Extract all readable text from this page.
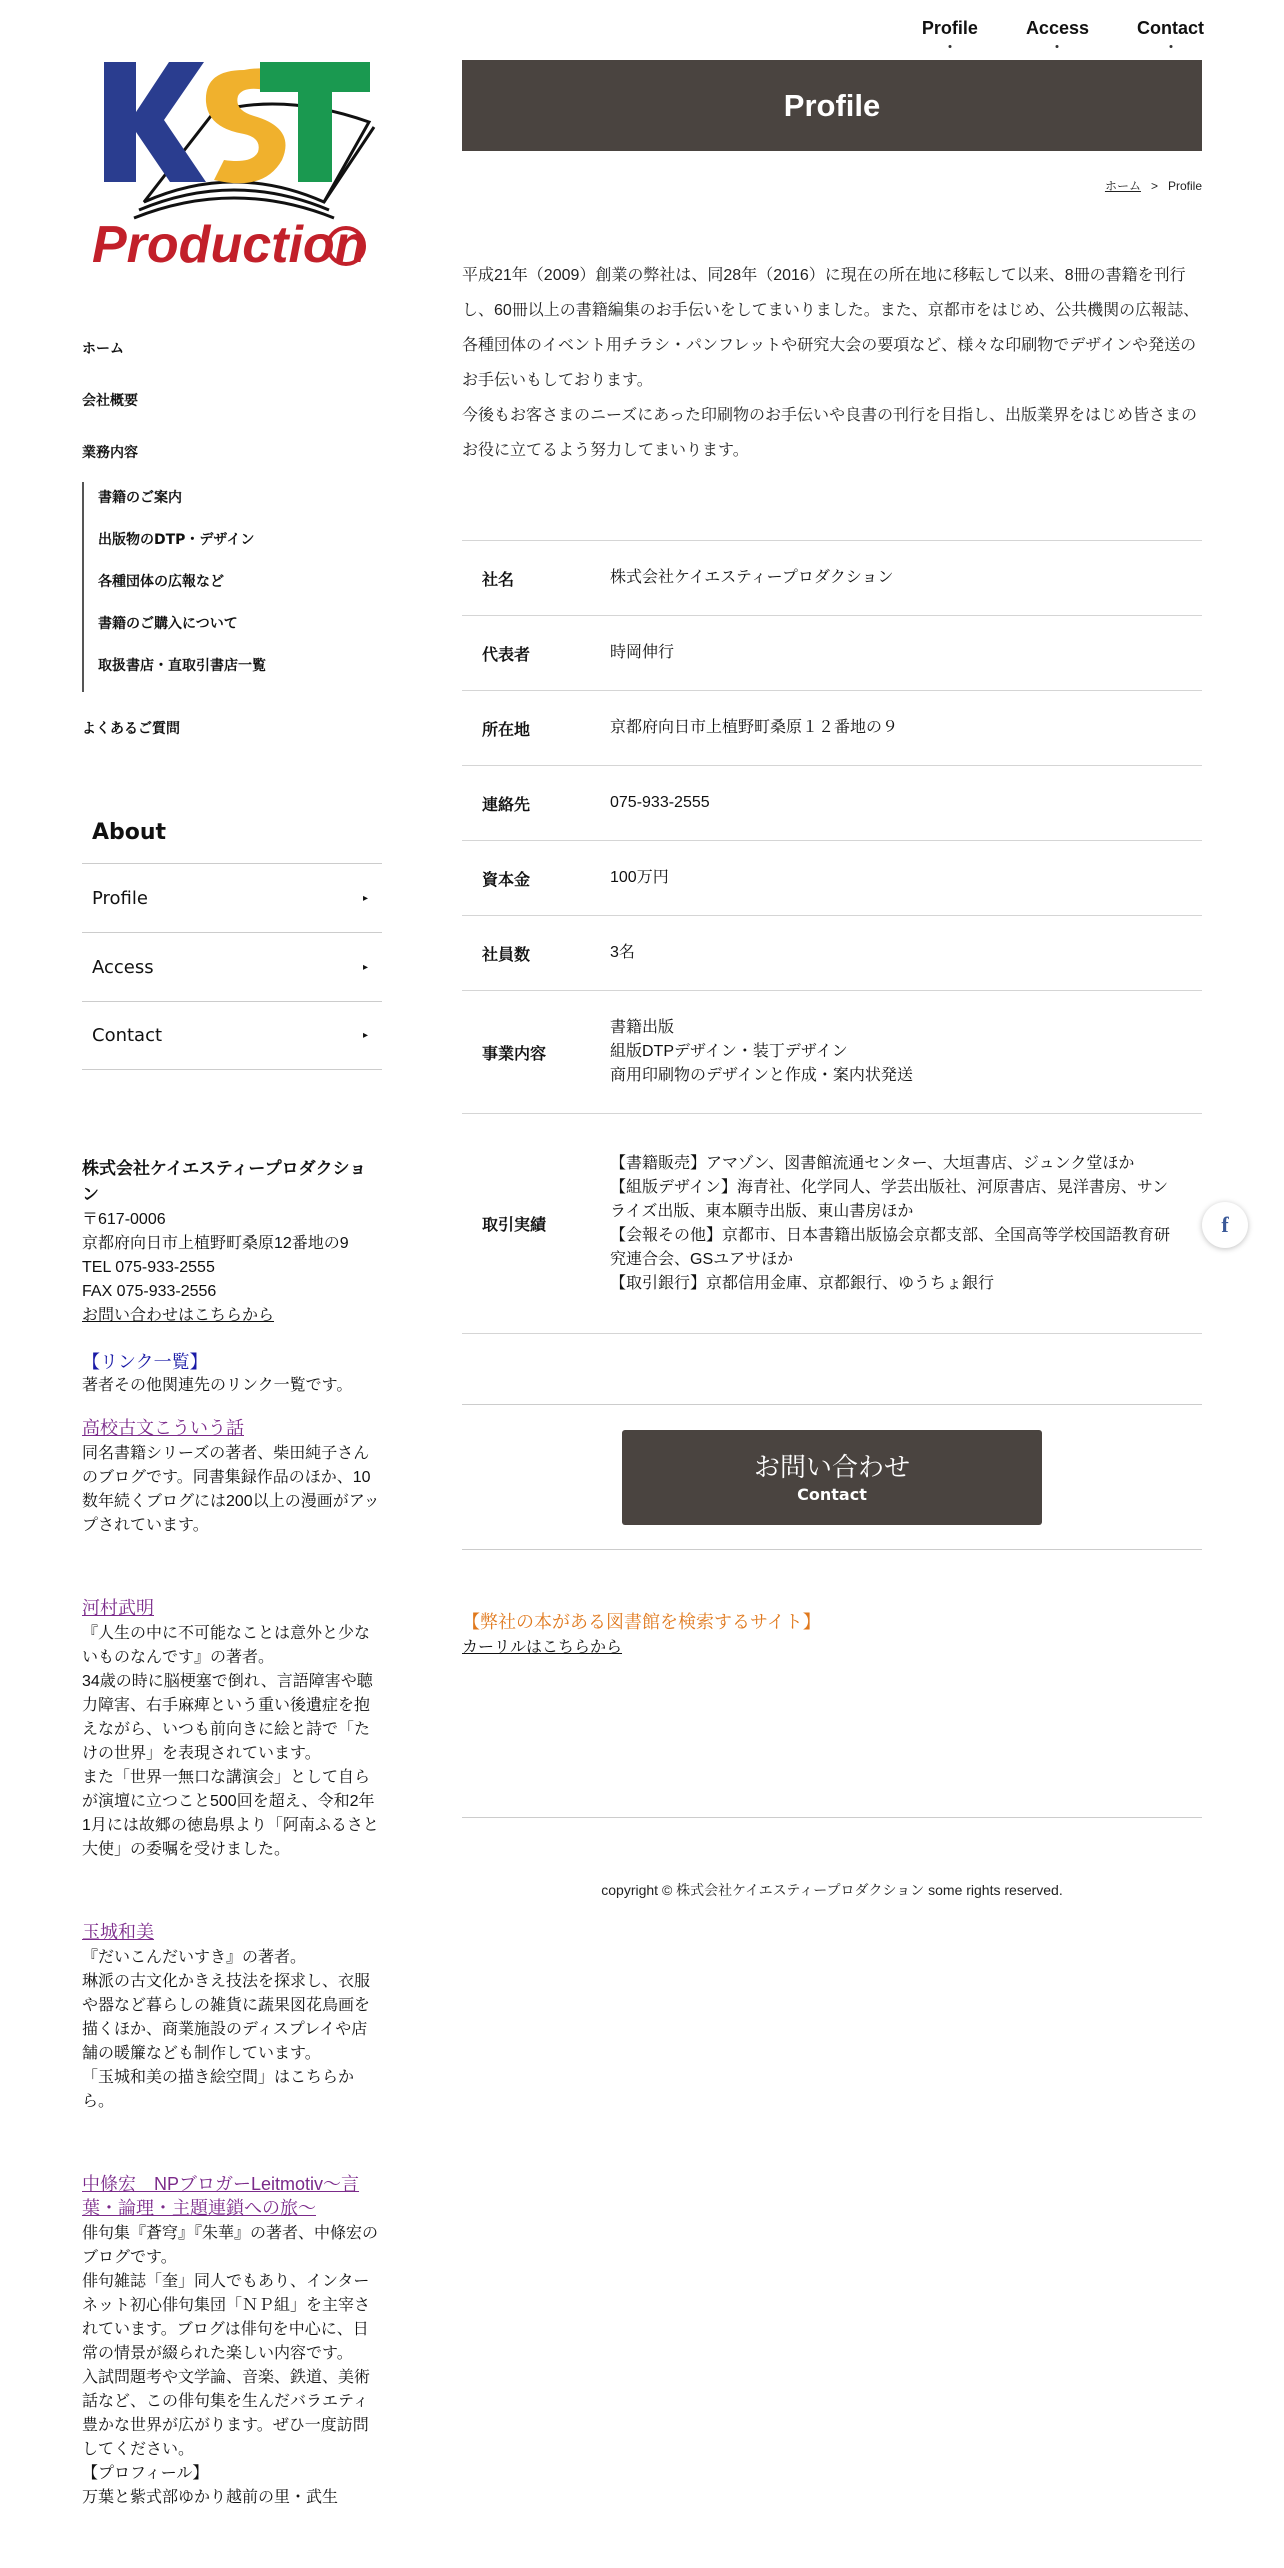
Profile	Access	Contact
Production
ホーム
会社概要
業務内容
書籍のご案内
出版物のDTP・デザイン
各種団体の広報など
書籍のご購入について
取扱書店・直取引書店一覧
よくあるご質問
About
Profile	▸
Access	▸
Contact	▸
株式会社ケイエスティープロダクション
〒617-0006
京都府向日市上植野町桑原12番地の9
TEL 075-933-2555
FAX 075-933-2556
お問い合わせはこちらから
【リンク一覧】
著者その他関連先のリンク一覧です。
高校古文こういう話
同名書籍シリーズの著者、柴田純子さんのブログです。同書集録作品のほか、10数年続くブログには200以上の漫画がアップされています。
河村武明
『人生の中に不可能なことは意外と少ないものなんです』の著者。
34歳の時に脳梗塞で倒れ、言語障害や聴力障害、右手麻痺という重い後遺症を抱えながら、いつも前向きに絵と詩で「たけの世界」を表現されています。
また「世界一無口な講演会」として自らが演壇に立つこと500回を超え、令和2年1月には故郷の徳島県より「阿南ふるさと大使」の委嘱を受けました。
玉城和美
『だいこんだいすき』の著者。
琳派の古文化かきえ技法を探求し、衣服や器など暮らしの雑貨に蔬果図花鳥画を描くほか、商業施設のディスプレイや店舗の暖簾なども制作しています。
「玉城和美の描き絵空間」はこちらから。
中條宏　NPブロガーLeitmotiv〜言葉・論理・主題連鎖への旅〜
俳句集『蒼穹』『朱華』の著者、中條宏のブログです。
俳句雑誌「奎」同人でもあり、インターネット初心俳句集団「ＮＰ組」を主宰されています。ブログは俳句を中心に、日常の情景が綴られた楽しい内容です。
入試問題考や文学論、音楽、鉄道、美術話など、この俳句集を生んだバラエティ豊かな世界が広がります。ぜひ一度訪問してください。
【プロフィール】
万葉と紫式部ゆかり越前の里・武生
Profile
ホーム > Profile

平成21年（2009）創業の弊社は、同28年（2016）に現在の所在地に移転して以来、8冊の書籍を刊行し、60冊以上の書籍編集のお手伝いをしてまいりました。また、京都市をはじめ、公共機関の広報誌、各種団体のイベント用チラシ・パンフレットや研究大会の要項など、様々な印刷物でデザインや発送のお手伝いもしております。
今後もお客さまのニーズにあった印刷物のお手伝いや良書の刊行を目指し、出版業界をはじめ皆さまのお役に立てるよう努力してまいります。

社名	株式会社ケイエスティープロダクション
代表者	時岡伸行
所在地	京都府向日市上植野町桑原１２番地の９
連絡先	075-933-2555
資本金	100万円
社員数	3名
事業内容	書籍出版
組版DTPデザイン・装丁デザイン
商用印刷物のデザインと作成・案内状発送
取引実績	【書籍販売】アマゾン、図書館流通センター、大垣書店、ジュンク堂ほか
【組版デザイン】海青社、化学同人、学芸出版社、河原書店、晃洋書房、サンライズ出版、東本願寺出版、東山書房ほか
【会報その他】京都市、日本書籍出版協会京都支部、全国高等学校国語教育研究連合会、GSユアサほか
【取引銀行】京都信用金庫、京都銀行、ゆうちょ銀行
お問い合わせ
Contact
【弊社の本がある図書館を検索するサイト】
カーリルはこちらから
copyright © 株式会社ケイエスティープロダクション some rights reserved.
f
